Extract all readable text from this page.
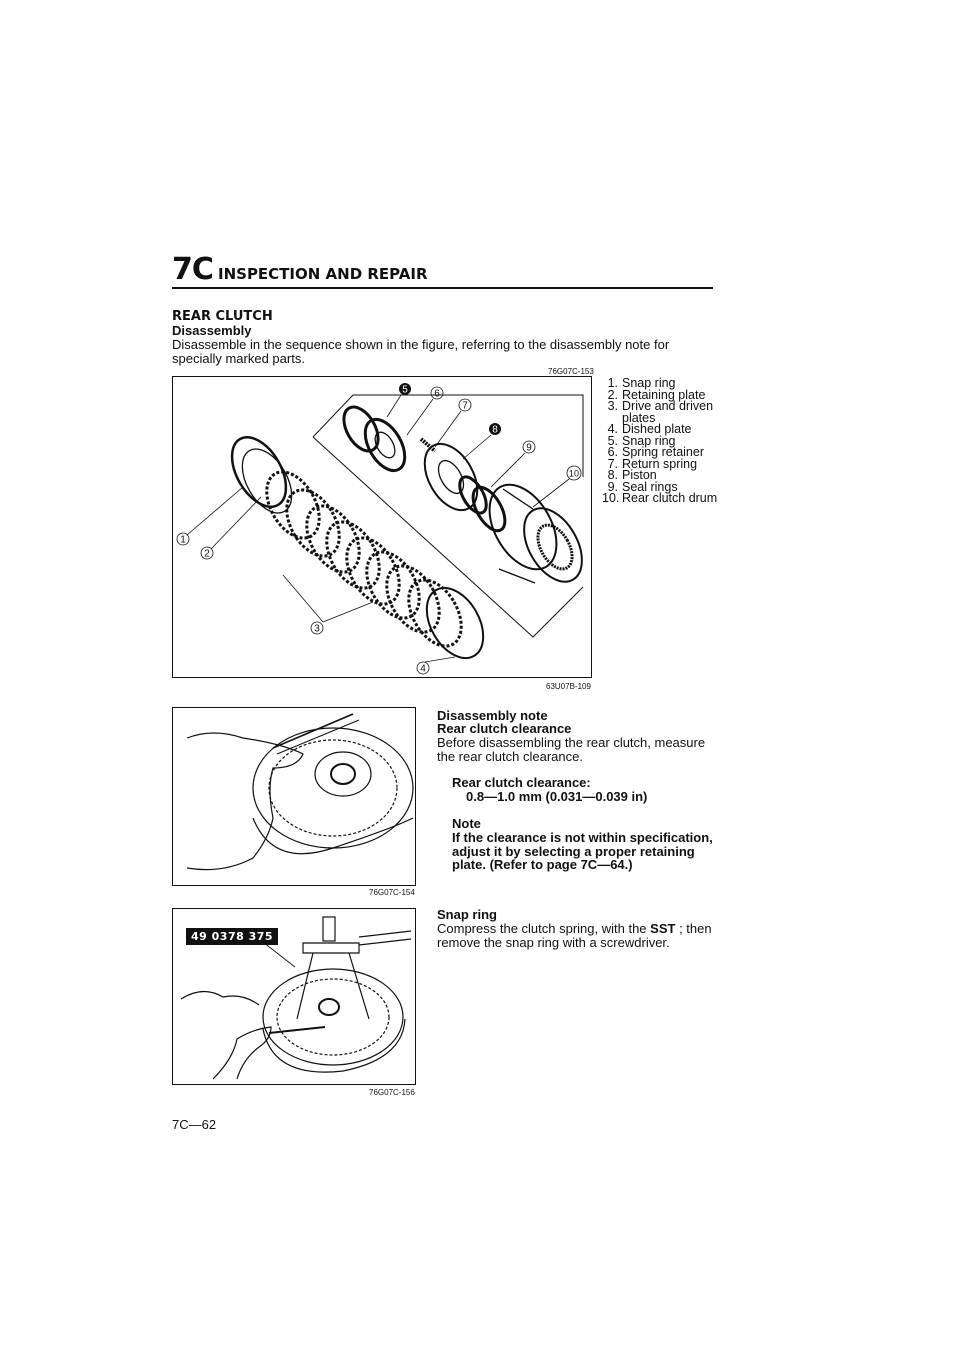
7C INSPECTION AND REPAIR
REAR CLUTCH
Disassembly
Disassemble in the sequence shown in the figure, referring to the disassembly note for specially marked parts.
76G07C-153
63U07B-109
1
2
3
4
5	6
7
8
9
10
1. Snap ring
2. Retaining plate
3. Drive and driven plates
4. Dished plate
5. Snap ring
6. Spring retainer
7. Return spring
8. Piston
9. Seal rings
10. Rear clutch drum
76G07C-154
Disassembly note
Rear clutch clearance
Before disassembling the rear clutch, measure the rear clutch clearance.
Rear clutch clearance:
0.8—1.0 mm (0.031—0.039 in)
Note
If the clearance is not within specification, adjust it by selecting a proper retaining plate. (Refer to page 7C—64.)
49 0378 375
76G07C-156
Snap ring
Compress the clutch spring, with the SST ; then remove the snap ring with a screwdriver.
7C—62
